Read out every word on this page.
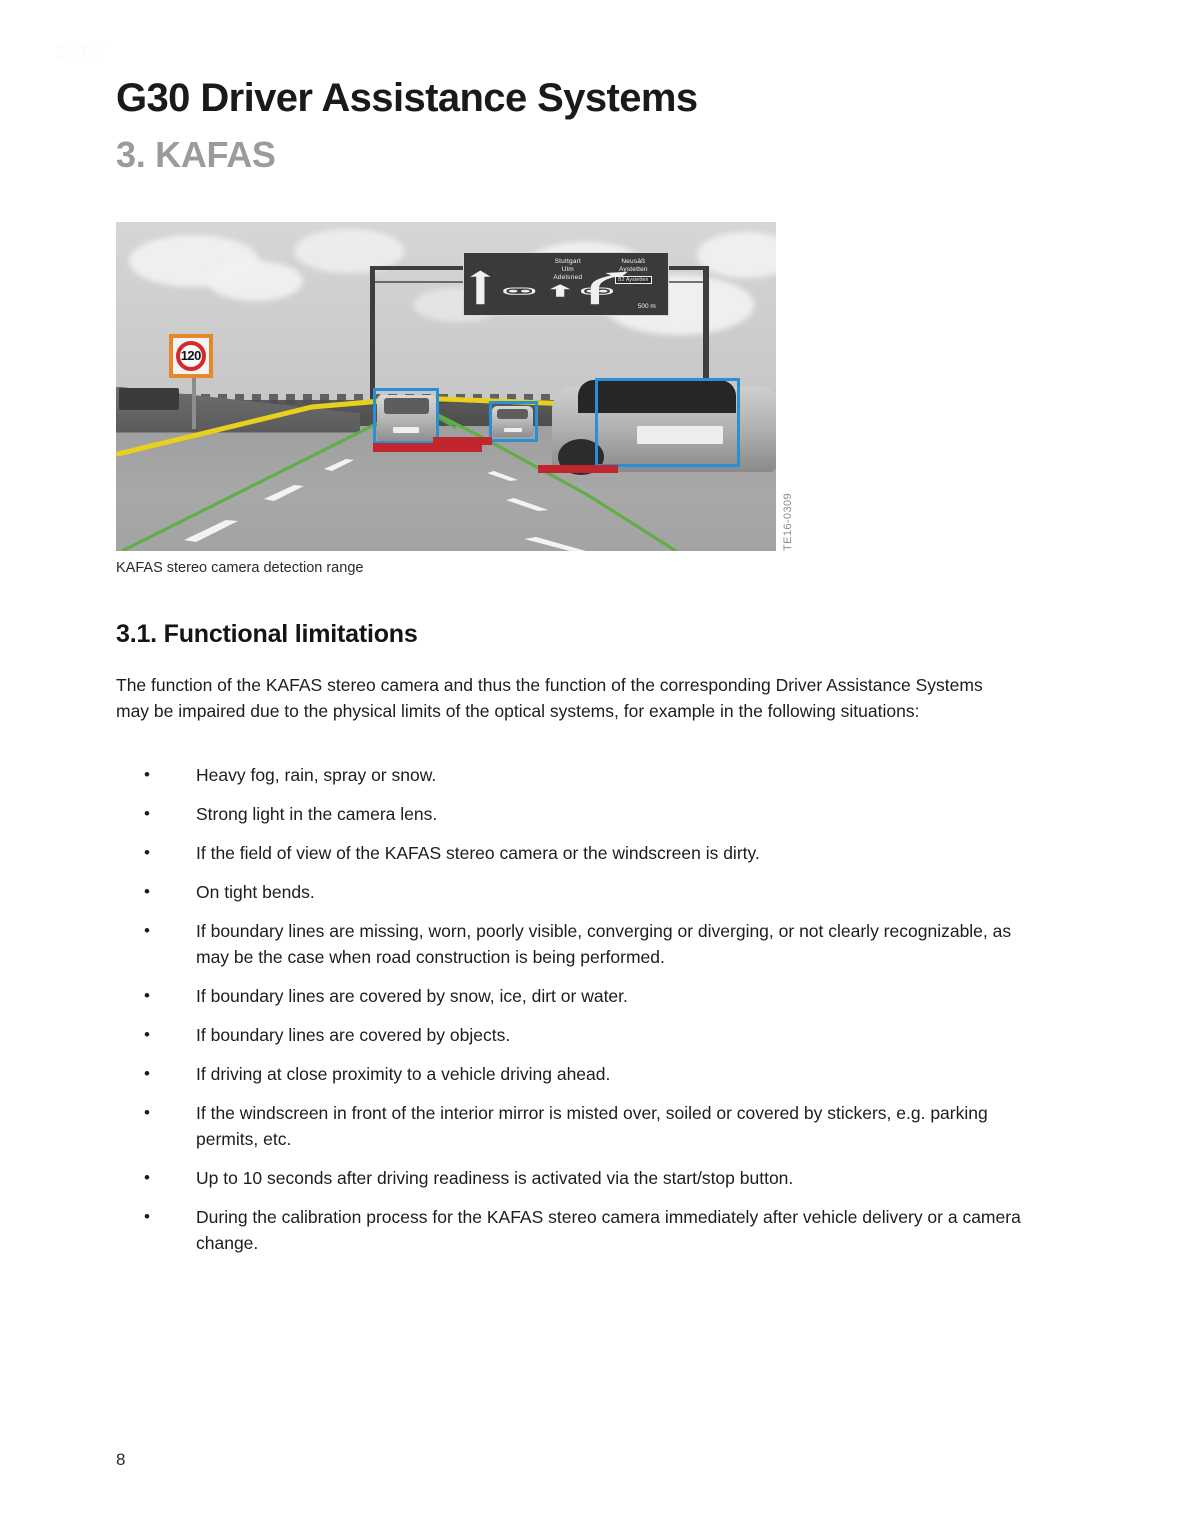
BMW
G30 Driver Assistance Systems
3. KAFAS
Stuttgart
Ulm
Adelsried
Neusäß
Aystetten
B2 Aystetten
500 m
120
TE16-0309
KAFAS stereo camera detection range
3.1. Functional limitations
The function of the KAFAS stereo camera and thus the function of the corresponding Driver Assistance Systems may be impaired due to the physical limits of the optical systems, for example in the following situations:
•	Heavy fog, rain, spray or snow.
•	Strong light in the camera lens.
•	If the field of view of the KAFAS stereo camera or the windscreen is dirty.
•	On tight bends.
•	If boundary lines are missing, worn, poorly visible, converging or diverging, or not clearly recognizable, as may be the case when road construction is being performed.
•	If boundary lines are covered by snow, ice, dirt or water.
•	If boundary lines are covered by objects.
•	If driving at close proximity to a vehicle driving ahead.
•	If the windscreen in front of the interior mirror is misted over, soiled or covered by stickers, e.g. parking permits, etc.
•	Up to 10 seconds after driving readiness is activated via the start/stop button.
•	During the calibration process for the KAFAS stereo camera immediately after vehicle delivery or a camera change.
8
